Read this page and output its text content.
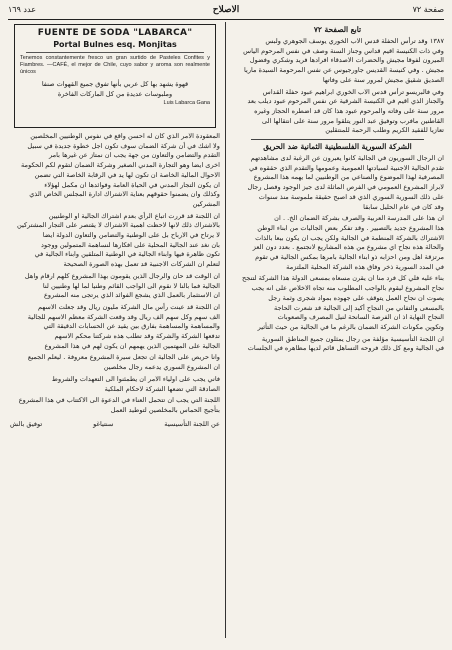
عدد ١٦٩	الاصلاح	صفحة ٧٢
FUENTE DE SODA "LABARCA"
Portal Bulnes esq. Monjitas
Tenemos constantemente fresco un gran surtido de Pasteles Confites y Fiambres. —CAFÉ, el mejor de Chile, cuyo sabor y aroma son realmente únicos
قهوة يشهد بها كل عربي بأنها تفوق جميع القهوات صنفا
وملبوسات عديدة من كل الماركات الفاخرة
Luis Labarca Gana
تابع الصفحة ٧٢

١٣٨٧ وقد ترأس الحفلة قدس الاب الخوري يوسف الجوهري ولبس

وفي ذات الكنيسة اقيم قداس وجناز السنة وصف في نفس المرحوم الياس

الميرون لفوقا مجيش والحضرات الاصدقاء افرادها فريد وشكري وفضول

مجيش . وفي كنيسة القديس جاورجيوس عن نفس المرحومة السيدة ماريا

الصديق شقيق مجيش لمرور سنة على وفاتها

وفي فالبريسو ترأس قدس الاب الخوري ابراهيم عبود حفلة القداس

والجناز الذي اقيم في الكنيسة الشرقية عن نفس المرحوم عبود ديلب بعد

مرور سنة على وفاته والمرحوم عبود هذا كان قد اضطره الحجاز وغيره

القاطنين مافرب وتوفيق عبد النور يتلقوا مرور سنة على انتقالها الى

تعازيا للفقيد الكريم وطلب الرحمة للمنتقلين

الشركة السورية الفلسطينية الثمانية ضد الحريق

ان الرجال السوريون في الجالية كانوا يعبرون عن الرغبة لدى مشاهدتهم

تقدم الجالية الاجنبية لسيادتها العمومية وعمومها والتقدم الذي حققوه في

المصرفية لهذا الموضوع والصناعي من الوطنيين لما يهمه هذا المشروع

لابراز المشروع العمومي في الفرص الماثلة لدى جيز الوجود وفصل رجال

على ذلك السورية السوري الذي قد اصبح حقيقة ملموسة منذ سنوات

وقد كان في عام الحليل سابقا

ان هذا على المدرسة العربية والصرف بشركة الضمان الخ. . ان

هذا المشروع جديد بالتصيير . وقد تفكر بعض الجاليات من ابناء الوطن

الاشتراك بالشركة المنطمة في الجالية ولكن يجب ان يكون بيعا بالذات

والحالة هذه نجاح اي مشروع من هذه المشاريع لانجتمع . بعدد دون العز

مرتزقة اهل ومن احزابه ذو ابناء الجالية بامرها بمكس الجالية في تقوم

في المدد السورية ذخر وفاق هذه الشركة المحلية الملتزمة

بناء عليه فلي كل فرد منا ان يقرن مسعاه بمسعى الدولة هذا الشركة لتنجح

نجاح المشروع ليقوم بالواجب المطلوب منه تجاه الاخلاص على انه يجب

يصوت ان نجاح العمل يتوقف على جهوده بمواد شجرى وثمة رجل

بالمسعى والتفاني من النجاح أكيد إلى الجالية قد شعرت الحاجة

النجاح النهاية اذ ان الفرصة السانحة لنيل المصرف والصعوبات

وتكوين مكونات الشركة الضمان بالرغم ما في الجالية من حيث التأثير

ان اللجنة التأسيسية مؤلفة من رجال يمثلون جميع المناطق السورية

في الجالية ومع كل ذلك فروحه التساهل قائم لديها مظاهره في الجلسات

المعقودة الامر الذي كان له احسن واقع في نفوس الوطنيين المخلصين

ولا اشك في أن شركة الضمان سوف تكون اجل خطوة جديدة في سبيل

التقدم والتضامن والتعاون من جهة يجب ان نمتاز عن غيرها بامر

اخرى ايضا وهو التجارة المدني الصغير وشركة الضمان لتقوم لكم الحكومة

الاحوال المالية الخاصة ان تكون لها يد في الرقابة الخاصة التي تضمن

ان يكون التجار المدني في الحياة العامة وفوائدها ان مكمل لهؤلاء

وكذلك وان يضمنوا حقوقهم بعناية الاشتراك ادارة المجلس الخاص الذي

المشركين

ان اللجنة قد قررت اتباع الرأي بعدم اشتراك الجالية او الوطنيين

بالاشتراك ذلك لانها لاحظت اهمية الاشتراك لا يقتصر على التجار المشتركين

لا يرتاح في الارباح بل على الوطنية والتضامن والتعاون الدولة ايضا

بان نغد عند الجالية المحلية على افكارها لنساهمة المتمولين ووجود

تكون ظاهرة فيها وابناء الجالية في الوطنية المتلقين وابناء الجالية في

لتعلم ان الشركات الاجنبية قد تعمل بهذه الصورة الصحيحة

ان الوقت قد حان والرجال الذين يقومون بهذا المشروع كلهم ارقام واهل

الجالية فما بالنا لا نقوم الى الواجب القائم وطنيا لما لها وطنيين لنا

ان الاستثمار بالعمل الذي يشجع الفوائد الذي يرتجى منه المشروع

ان اللجنة قد عينت رأس مال الشركة مليون ريال وقد جعلت الاسهم

الف سهم وكل سهم الف ريال وقد وقعت الشركة معظم الاسهم للجالية

والمساهمة والمساهمة بفارق بين يقيد عن الحسابات الدقيقة التي

تدفعها الشركة والشركة وقد تطلب هذه شركتنا محكم الاسهم

الجالية على المهتمين الذين يهمهم ان يكون لهم في هذا المشروع

وانا حريص على الجالية ان تجعل سيرة المشروع معروفة . ليعلم الجميع

ان المشروع السوري يدعمه رجال مخلصين

فاني يجب على اولياء الامر ان يطمئنوا الى التعهدات والشروط

الصادقة التي تضعها الشركة لاحكام الملكية

اللجنة التي يجب ان تتحمل العناء في الدعوة الى الاكتتاب في هذا المشروع

بتأجيج الحماس بالمخلصين لتوطيد العمل

عن اللجنة التأسيسية
سنتياغو
توفيق بالش
